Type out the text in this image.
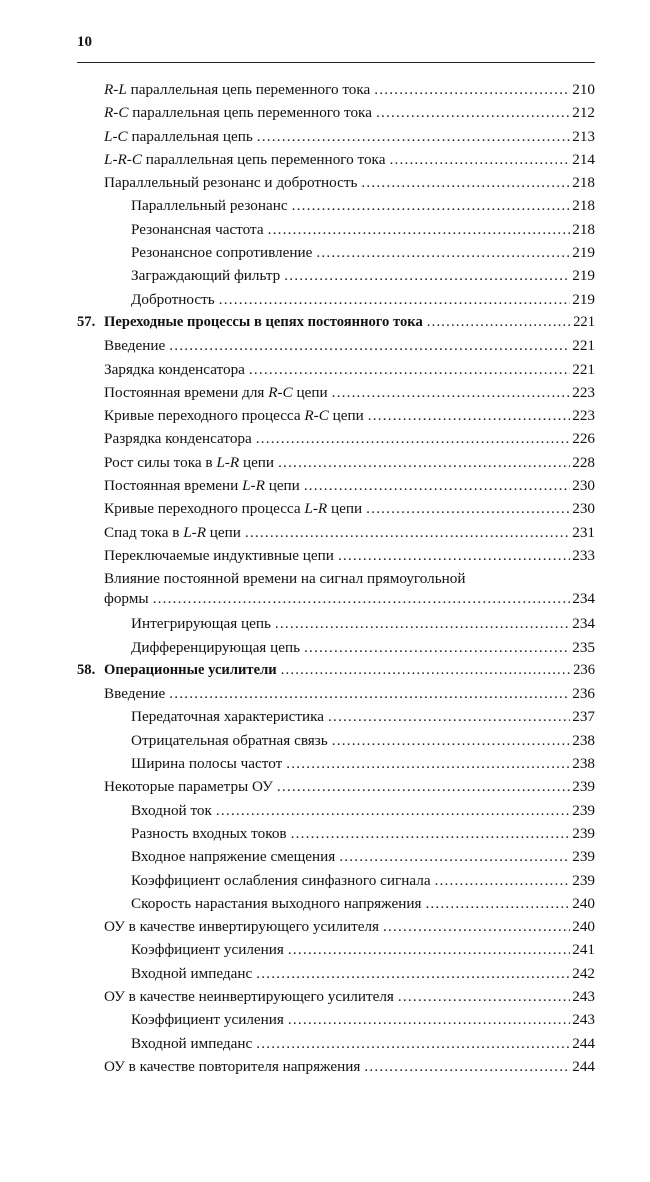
10
R-L параллельная цепь переменного тока .....	210
R-C параллельная цепь переменного тока .....	212
L-C параллельная цепь .....	213
L-R-C параллельная цепь переменного тока .....	214
Параллельный резонанс и добротность .....	218
Параллельный резонанс .....	218
Резонансная частота .....	218
Резонансное сопротивление .....	219
Заграждающий фильтр .....	219
Добротность .....	219
57. Переходные процессы в цепях постоянного тока .....	221
Введение .....	221
Зарядка конденсатора .....	221
Постоянная времени для R-C цепи .....	223
Кривые переходного процесса R-C цепи .....	223
Разрядка конденсатора .....	226
Рост силы тока в L-R цепи .....	228
Постоянная времени L-R цепи .....	230
Кривые переходного процесса L-R цепи .....	230
Спад тока в L-R цепи .....	231
Переключаемые индуктивные цепи .....	233
Влияние постоянной времени на сигнал прямоугольной
формы .....	234
Интегрирующая цепь .....	234
Дифференцирующая цепь .....	235
58. Операционные усилители .....	236
Введение .....	236
Передаточная характеристика .....	237
Отрицательная обратная связь .....	238
Ширина полосы частот .....	238
Некоторые параметры ОУ .....	239
Входной ток .....	239
Разность входных токов .....	239
Входное напряжение смещения .....	239
Коэффициент ослабления синфазного сигнала .....	239
Скорость нарастания выходного напряжения .....	240
ОУ в качестве инвертирующего усилителя .....	240
Коэффициент усиления .....	241
Входной импеданс .....	242
ОУ в качестве неинвертирующего усилителя .....	243
Коэффициент усиления .....	243
Входной импеданс .....	244
ОУ в качестве повторителя напряжения .....	244
